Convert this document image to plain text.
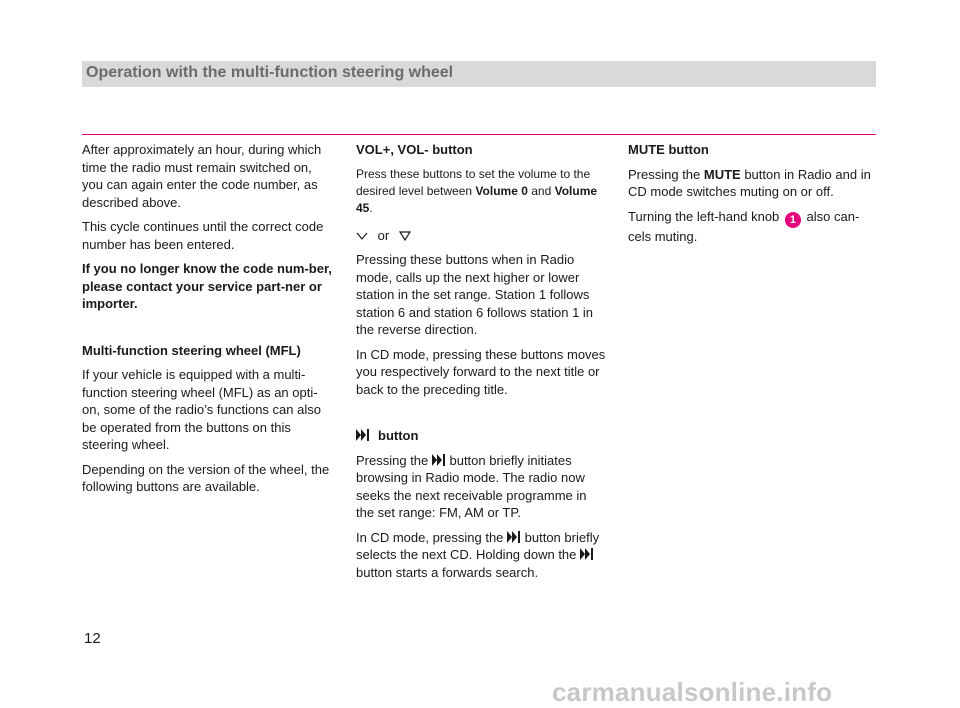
Operation with the multi-function steering wheel

After approximately an hour, during which time the radio must remain switched on, you can again enter the code number, as described above.

This cycle continues until the correct code number has been entered.

If you no longer know the code num-ber, please contact your service part-ner or importer.

Multi-function steering wheel (MFL)

If your vehicle is equipped with a multi-function steering wheel (MFL) as an opti-on, some of the radio’s functions can also be operated from the buttons on this steering wheel.

Depending on the version of the wheel, the following buttons are available.

VOL+, VOL- button

Press these buttons to set the volume to the desired level between Volume 0 and Volume 45.

or

Pressing these buttons when in Radio mode, calls up the next higher or lower station in the set range. Station 1 follows station 6 and station 6 follows station 1 in the reverse direction.

In CD mode, pressing these buttons moves you respectively forward to the next title or back to the preceding title.

button

Pressing the  button briefly initiates browsing in Radio mode. The radio now seeks the next receivable programme in the set range: FM, AM or TP.

In CD mode, pressing the  button briefly selects the next CD. Holding down the  button starts a forwards search.

MUTE button

Pressing the MUTE button in Radio and in CD mode switches muting on or off.

Turning the left-hand knob 1 also can-cels muting.

12
carmanualsonline.info
